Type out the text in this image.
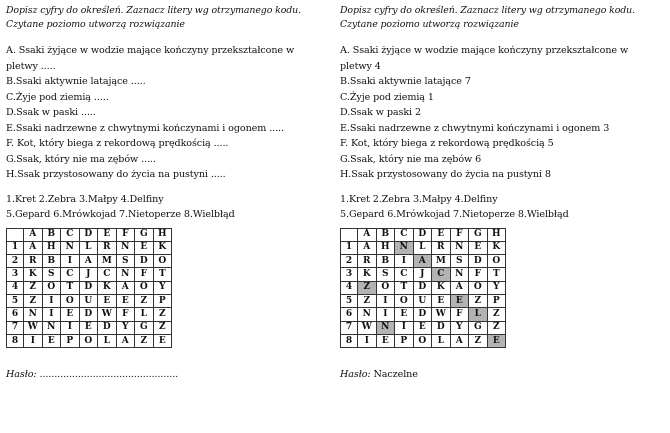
Dopisz cyfry do określeń. Zaznacz litery wg otrzymanego kodu.
Czytane poziomo utworzą rozwiązanie
A. Ssaki żyjące w wodzie mające kończyny przekształcone w
pletwy .....
B.Ssaki aktywnie latające .....
C.Żyje pod ziemią .....
D.Ssak w paski .....
E.Ssaki nadrzewne z chwytnymi kończynami i ogonem .....
F. Kot, który biega z rekordową prędkością .....
G.Ssak, który nie ma zębów .....
H.Ssak przystosowany do życia na pustyni .....
1.Kret 2.Zebra 3.Małpy 4.Delfiny
5.Gepard 6.Mrówkojad 7.Nietoperze 8.Wielbłąd
	A	B	C	D	E	F	G	H
1	A	H	N	L	R	N	E	K
2	R	B	I	A	M	S	D	O
3	K	S	C	J	C	N	F	T
4	Z	O	T	D	K	A	O	Y
5	Z	I	O	U	E	E	Z	P
6	N	I	E	D	W	F	L	Z
7	W	N	I	E	D	Y	G	Z
8	I	E	P	O	L	A	Z	E
Hasło: ...............................................
Dopisz cyfry do określeń. Zaznacz litery wg otrzymanego kodu.
Czytane poziomo utworzą rozwiązanie
A. Ssaki żyjące w wodzie mające kończyny przekształcone w
pletwy 4
B.Ssaki aktywnie latające 7
C.Żyje pod ziemią 1
D.Ssak w paski 2
E.Ssaki nadrzewne z chwytnymi kończynami i ogonem 3
F. Kot, który biega z rekordową prędkością 5
G.Ssak, który nie ma zębów 6
H.Ssak przystosowany do życia na pustyni 8
1.Kret 2.Zebra 3.Małpy 4.Delfiny
5.Gepard 6.Mrówkojad 7.Nietoperze 8.Wielbłąd
	A	B	C	D	E	F	G	H
1	A	H	N	L	R	N	E	K
2	R	B	I	A	M	S	D	O
3	K	S	C	J	C	N	F	T
4	Z	O	T	D	K	A	O	Y
5	Z	I	O	U	E	E	Z	P
6	N	I	E	D	W	F	L	Z
7	W	N	I	E	D	Y	G	Z
8	I	E	P	O	L	A	Z	E
Hasło: Naczelne
